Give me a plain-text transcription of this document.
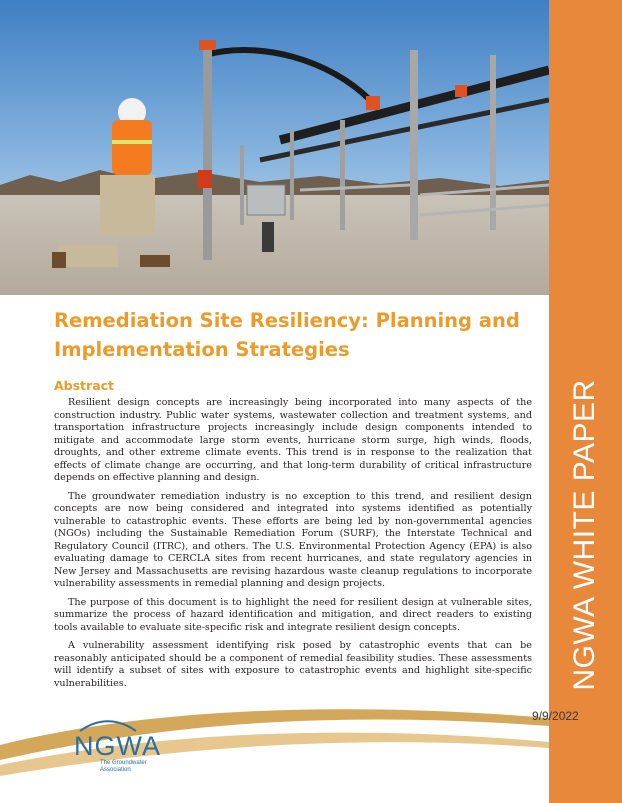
NGWA WHITE PAPER
Remediation Site Resiliency: Planning and Implementation Strategies
Abstract

Resilient design concepts are increasingly being incorporated into many aspects of the construction industry. Public water systems, wastewater collection and treatment systems, and transportation infrastructure projects increasingly include design components intended to mitigate and accommodate large storm events, hurricane storm surge, high winds, floods, droughts, and other extreme climate events. This trend is in response to the realization that effects of climate change are occurring, and that long-term durability of critical infrastructure depends on effective planning and design.

The groundwater remediation industry is no exception to this trend, and resilient design concepts are now being considered and integrated into systems identified as potentially vulnerable to catastrophic events. These efforts are being led by non-governmental agencies (NGOs) including the Sustainable Remediation Forum (SURF), the Interstate Technical and Regulatory Council (ITRC), and others. The U.S. Environmental Protection Agency (EPA) is also evaluating damage to CERCLA sites from recent hurricanes, and state regulatory agencies in New Jersey and Massachusetts are revising hazardous waste cleanup regulations to incorporate vulnerability assessments in remedial planning and design projects.

The purpose of this document is to highlight the need for resilient design at vulnerable sites, summarize the process of hazard identification and mitigation, and direct readers to existing tools available to evaluate site-specific risk and integrate resilient design concepts.

A vulnerability assessment identifying risk posed by catastrophic events that can be reasonably anticipated should be a component of remedial feasibility studies. These assessments will identify a subset of sites with exposure to catastrophic events and highlight site-specific vulnerabilities.

9/9/2022
NGWA
The Groundwater Association
